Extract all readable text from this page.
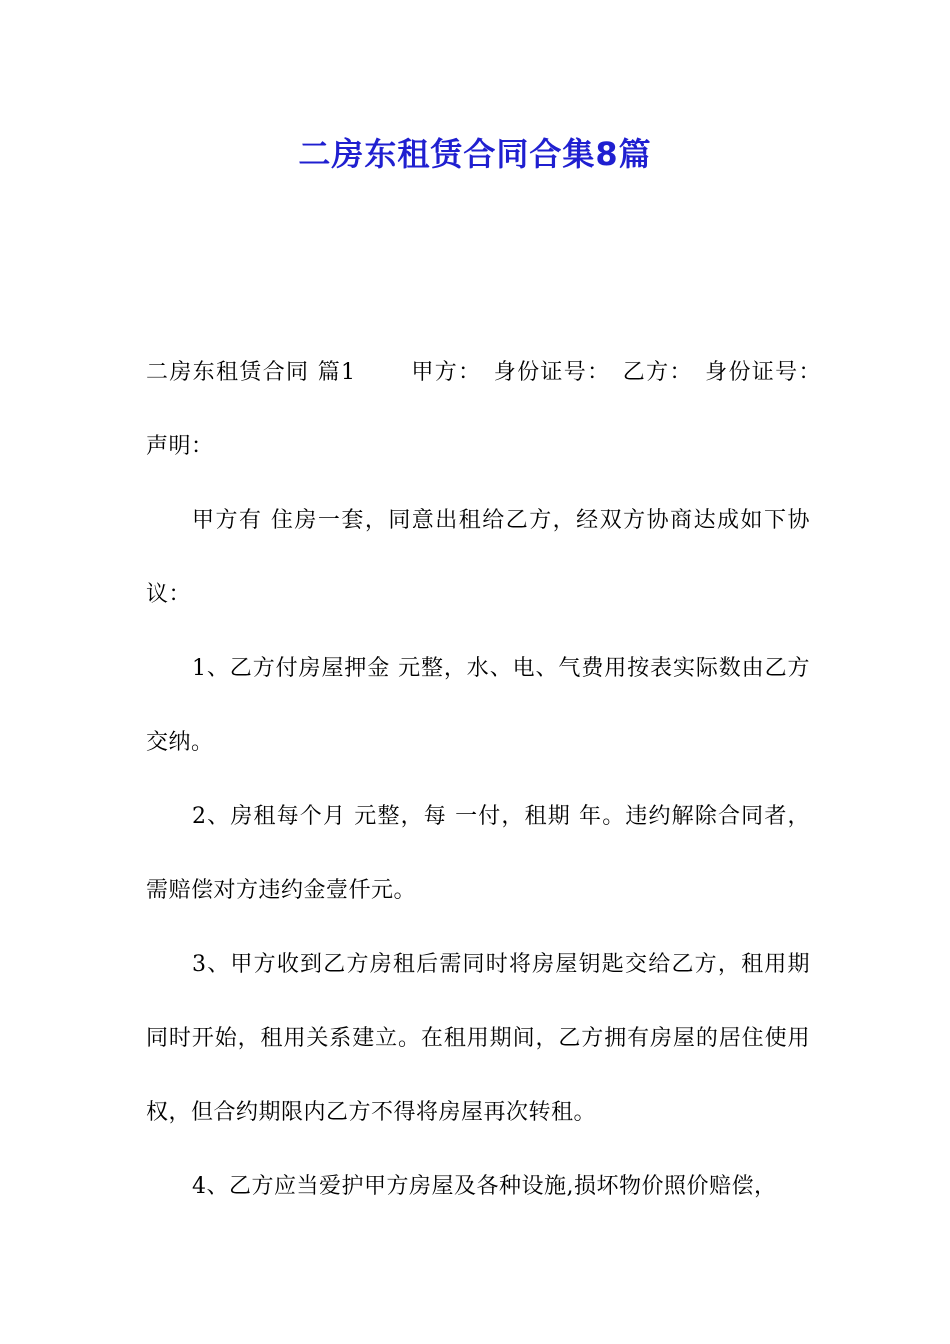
二房东租赁合同合集8篇

二房东租赁合同 篇1　　 甲方：　身份证号：　乙方：　身份证号：　声明：

甲方有 住房一套，同意出租给乙方，经双方协商达成如下协议：

1、乙方付房屋押金 元整，水、电、气费用按表实际数由乙方交纳。

2、房租每个月 元整，每 一付，租期 年。违约解除合同者，需赔偿对方违约金壹仟元。

3、甲方收到乙方房租后需同时将房屋钥匙交给乙方，租用期同时开始，租用关系建立。在租用期间，乙方拥有房屋的居住使用权，但合约期限内乙方不得将房屋再次转租。

4、乙方应当爱护甲方房屋及各种设施,损坏物价照价赔偿，
